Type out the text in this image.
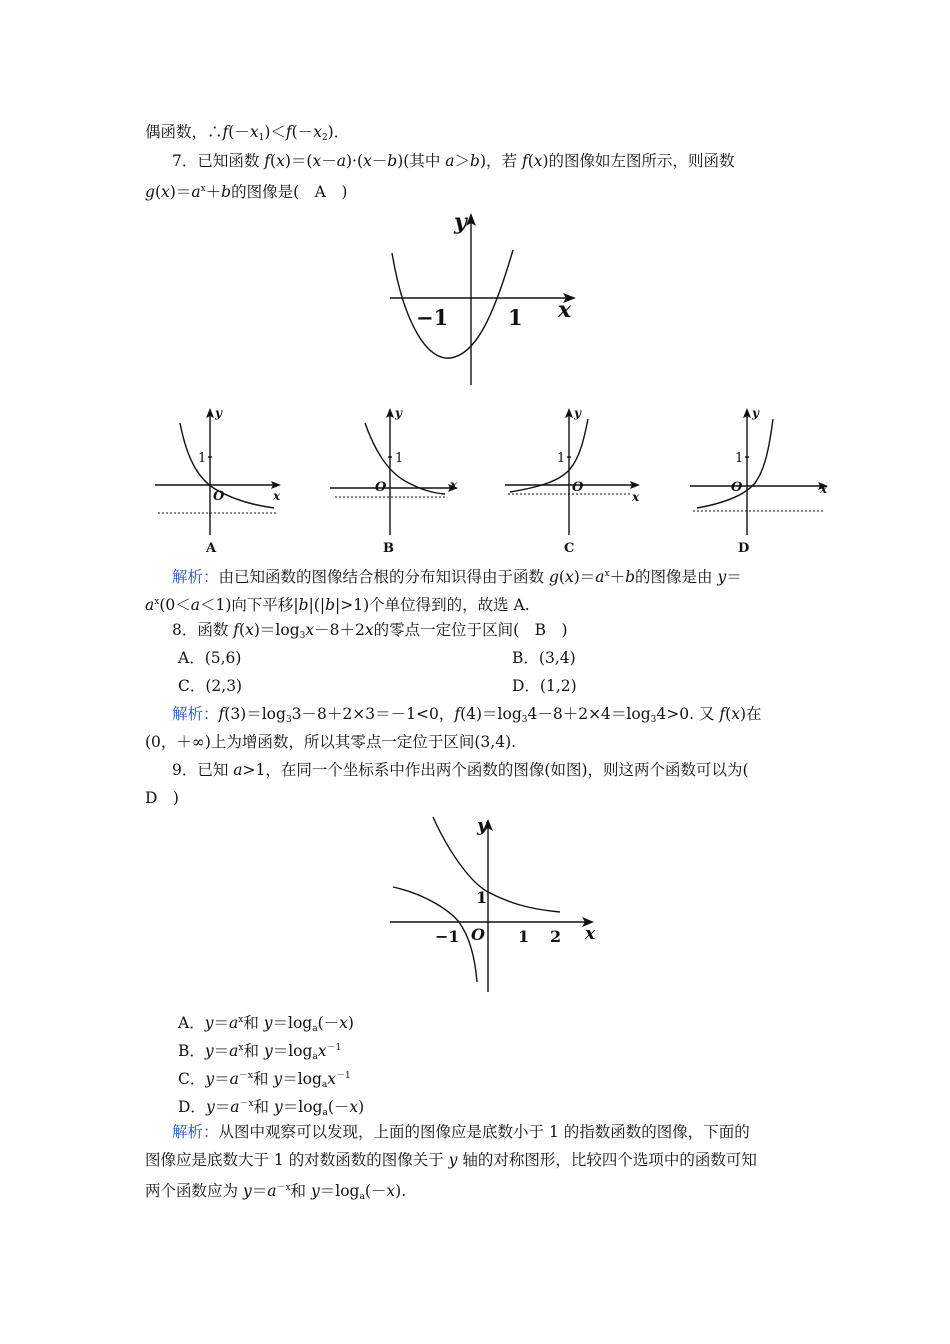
偶函数，$\therefore f(-x_1)<f(-x_2)$．
7．已知函数 f(x)＝(x－a)·(x－b)(其中 a＞b)，若 f(x)的图像如左图所示，则函数
$g(x)=a^x+b$的图像是(　A　)
y
x
−1	1
y
1
O	x
A
y
1
O	x
B
y
1
O
x
C
y
1
O	x
D
解析：由已知函数的图像结合根的分布知识得由于函数 $g(x)=a^x+b$的图像是由 y＝
$a^x(0<a<1)$向下平移|b|(|b|>1)个单位得到的，故选 A.
8．函数 $f(x)=\log_3x-8+2x$的零点一定位于区间(　B　)
A．(5,6)	B．(3,4)
C．(2,3)	D．(1,2)
解析：$f(3)=\log_33-8+2\times 3=-1<0$，$f(4)=\log_34-8+2\times 4=\log_34>0$. 又 f(x)在
(0，＋∞)上为增函数，所以其零点一定位于区间(3,4).
9．已知 a>1，在同一个坐标系中作出两个函数的图像(如图)，则这两个函数可以为(
D　)
y
x
1
−1 O 1 2
A．$y=a^x$和 $y=\log_a(-x)$
B．$y=a^x$和 $y=\log_ax^{-1}$
C．$y=a^{-x}$和 $y=\log_ax^{-1}$
D．$y=a^{-x}$和 $y=\log_a(-x)$
解析：从图中观察可以发现，上面的图像应是底数小于 1 的指数函数的图像，下面的
图像应是底数大于 1 的对数函数的图像关于 y 轴的对称图形，比较四个选项中的函数可知
两个函数应为 $y=a^{-x}$和 $y=\log_a(-x)$.
